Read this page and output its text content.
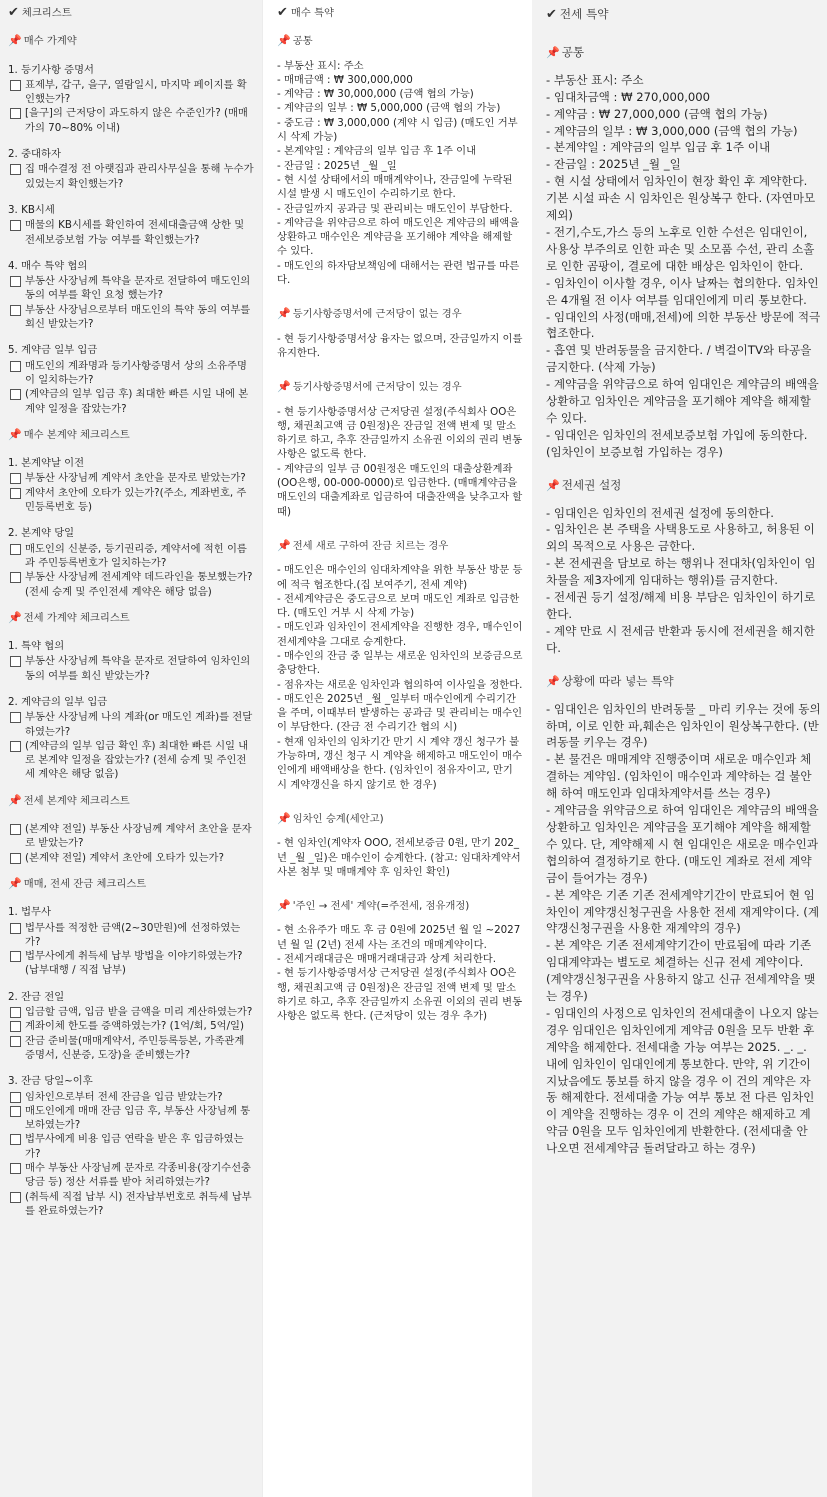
✔ 체크리스트
📌 매수 가계약
1. 등기사항 증명서
표제부, 갑구, 을구, 열람일시, 마지막 페이지를 확인했는가?
[을구]의 근저당이 과도하지 않은 수준인가? (매매가의 70~80% 이내)
2. 중대하자
집 매수결정 전 아랫집과 관리사무실을 통해 누수가 있었는지 확인했는가?
3. KB시세
매물의 KB시세를 확인하여 전세대출금액 상한 및 전세보증보험 가능 여부를 확인했는가?
4. 매수 특약 협의
부동산 사장님께 특약을 문자로 전달하여 매도인의 동의 여부를 확인 요청 했는가?
부동산 사장님으로부터 매도인의 특약 동의 여부를 회신 받았는가?
5. 계약금 일부 입금
매도인의 계좌명과 등기사항증명서 상의 소유주명이 일치하는가?
(계약금의 일부 입금 후) 최대한 빠른 시일 내에 본계약 일정을 잡았는가?
📌 매수 본계약 체크리스트
1. 본계약날 이전
부동산 사장님께 계약서 초안을 문자로 받았는가?
계약서 초안에 오타가 있는가?(주소, 계좌번호, 주민등록번호 등)
2. 본계약 당일
매도인의 신분증, 등기권리증, 계약서에 적힌 이름과 주민등록번호가 일치하는가?
부동산 사장님께 전세계약 데드라인을 통보했는가?(전세 승계 및 주인전세 계약은 해당 없음)
📌 전세 가계약 체크리스트
1. 특약 협의
부동산 사장님께 특약을 문자로 전달하여 임차인의 동의 여부를 회신 받았는가?
2. 계약금의 일부 입금
부동산 사장님께 나의 계좌(or 매도인 계좌)를 전달하였는가?
(계약금의 일부 입금 확인 후) 최대한 빠른 시일 내로 본계약 일정을 잡았는가? (전세 승계 및 주인전세 계약은 해당 없음)
📌 전세 본계약 체크리스트
(본계약 전일) 부동산 사장님께 계약서 초안을 문자로 받았는가?
(본계약 전일) 계약서 초안에 오타가 있는가?
📌 매매, 전세 잔금 체크리스트
1. 법무사
법무사를 적정한 금액(2~30만원)에 선정하였는가?
법무사에게 취득세 납부 방법을 이야기하였는가? (납부대행 / 직접 납부)
2. 잔금 전일
입금할 금액, 입금 받을 금액을 미리 계산하였는가?
계좌이체 한도를 증액하였는가? (1억/회, 5억/일)
잔금 준비물(매매계약서, 주민등록등본, 가족관계증명서, 신분증, 도장)을 준비했는가?
3. 잔금 당일~이후
임차인으로부터 전세 잔금을 입금 받았는가?
매도인에게 매매 잔금 입금 후, 부동산 사장님께 통보하였는가?
법무사에게 비용 입금 연락을 받은 후 입금하였는가?
매수 부동산 사장님께 문자로 각종비용(장기수선충당금 등) 정산 서류를 받아 처리하였는가?
(취득세 직접 납부 시) 전자납부번호로 취득세 납부를 완료하였는가?
✔ 매수 특약
📌 공통
- 부동산 표시: 주소
- 매매금액 : ₩ 300,000,000
- 계약금 : ₩ 30,000,000 (금액 협의 가능)
- 계약금의 일부 : ₩ 5,000,000 (금액 협의 가능)
- 중도금 : ₩ 3,000,000 (계약 시 입금) (매도인 거부 시 삭제 가능)
- 본계약일 : 계약금의 일부 입금 후 1주 이내
- 잔금일 : 2025년 _월 _일
- 현 시설 상태에서의 매매계약이나, 잔금일에 누락된 시설 발생 시 매도인이 수리하기로 한다.
- 잔금일까지 공과금 및 관리비는 매도인이 부담한다.
- 계약금을 위약금으로 하여 매도인은 계약금의 배액을 상환하고 매수인은 계약금을 포기해야 계약을 해제할 수 있다.
- 매도인의 하자담보책임에 대해서는 관련 법규를 따른다.
📌 등기사항증명서에 근저당이 없는 경우
- 현 등기사항증명서상 융자는 없으며, 잔금일까지 이를 유지한다.
📌 등기사항증명서에 근저당이 있는 경우
- 현 등기사항증명서상 근저당권 설정(주식회사 OO은행, 채권최고액 금 0원정)은 잔금일 전액 변제 및 말소하기로 하고, 추후 잔금일까지 소유권 이외의 권리 변동사항은 없도록 한다.
- 계약금의 일부 금 00원정은 매도인의 대출상환계좌(OO은행, 00-000-0000)로 입금한다. (매매계약금을 매도인의 대출계좌로 입금하여 대출잔액을 낮추고자 할 때)
📌 전세 새로 구하여 잔금 치르는 경우
- 매도인은 매수인의 임대차계약을 위한 부동산 방문 등에 적극 협조한다.(집 보여주기, 전세 계약)
- 전세계약금은 중도금으로 보며 매도인 계좌로 입금한다. (매도인 거부 시 삭제 가능)
- 매도인과 임차인이 전세계약을 진행한 경우, 매수인이 전세계약을 그대로 승계한다.
- 매수인의 잔금 중 일부는 새로운 임차인의 보증금으로 충당한다.
- 점유자는 새로운 임차인과 협의하여 이사일을 정한다.
- 매도인은 2025년 _월 _일부터 매수인에게 수리기간을 주며, 이때부터 발생하는 공과금 및 관리비는 매수인이 부담한다. (잔금 전 수리기간 협의 시)
- 현재 임차인의 임차기간 만기 시 계약 갱신 청구가 불가능하며, 갱신 청구 시 계약을 해제하고 매도인이 매수인에게 배액배상을 한다. (임차인이 점유자이고, 만기 시 계약갱신을 하지 않기로 한 경우)
📌 임차인 승계(세안고)
- 현 임차인(계약자 OOO, 전세보증금 0원, 만기 202_년 _월 _일)은 매수인이 승계한다. (참고: 임대차계약서 사본 첨부 및 매매계약 후 임차인 확인)
📌 '주인 → 전세' 계약(=주전세, 점유개정)
- 현 소유주가 매도 후 금 0원에 2025년 월 일 ~2027년 월 일 (2년) 전세 사는 조건의 매매계약이다.
- 전세거래대금은 매매거래대금과 상계 처리한다.
- 현 등기사항증명서상 근저당권 설정(주식회사 OO은행, 채권최고액 금 0원정)은 잔금일 전액 변제 및 말소하기로 하고, 추후 잔금일까지 소유권 이외의 권리 변동사항은 없도록 한다. (근저당이 있는 경우 추가)
✔ 전세 특약
📌 공통
- 부동산 표시: 주소
- 임대차금액 : ₩ 270,000,000
- 계약금 : ₩ 27,000,000 (금액 협의 가능)
- 계약금의 일부 : ₩ 3,000,000 (금액 협의 가능)
- 본계약일 : 계약금의 일부 입금 후 1주 이내
- 잔금일 : 2025년 _월 _일
- 현 시설 상태에서 임차인이 현장 확인 후 계약한다. 기본 시설 파손 시 임차인은 원상복구 한다. (자연마모 제외)
- 전기,수도,가스 등의 노후로 인한 수선은 임대인이, 사용상 부주의로 인한 파손 및 소모품 수선, 관리 소홀로 인한 곰팡이, 결로에 대한 배상은 임차인이 한다.
- 임차인이 이사할 경우, 이사 날짜는 협의한다. 임차인은 4개월 전 이사 여부를 임대인에게 미리 통보한다.
- 임대인의 사정(매매,전세)에 의한 부동산 방문에 적극 협조한다.
- 흡연 및 반려동물을 금지한다. / 벽걸이TV와 타공을 금지한다. (삭제 가능)
- 계약금을 위약금으로 하여 임대인은 계약금의 배액을 상환하고 임차인은 계약금을 포기해야 계약을 해제할 수 있다.
- 임대인은 임차인의 전세보증보험 가입에 동의한다. (임차인이 보증보험 가입하는 경우)
📌 전세권 설정
- 임대인은 임차인의 전세권 설정에 동의한다.
- 임차인은 본 주택을 사택용도로 사용하고, 허용된 이외의 목적으로 사용은 금한다.
- 본 전세권을 담보로 하는 행위나 전대차(임차인이 임차물을 제3자에게 임대하는 행위)를 금지한다.
- 전세권 등기 설정/해제 비용 부담은 임차인이 하기로 한다.
- 계약 만료 시 전세금 반환과 동시에 전세권을 해지한다.
📌 상황에 따라 넣는 특약
- 임대인은 임차인의 반려동물 _ 마리 키우는 것에 동의하며, 이로 인한 파,훼손은 임차인이 원상복구한다. (반려동물 키우는 경우)
- 본 물건은 매매계약 진행중이며 새로운 매수인과 체결하는 계약임. (임차인이 매수인과 계약하는 걸 불안해 하여 매도인과 임대차계약서를 쓰는 경우)
- 계약금을 위약금으로 하여 임대인은 계약금의 배액을 상환하고 임차인은 계약금을 포기해야 계약을 해제할 수 있다. 단, 계약해제 시 현 임대인은 새로운 매수인과 협의하여 결정하기로 한다. (매도인 계좌로 전세 계약금이 들어가는 경우)
- 본 계약은 기존 기존 전세계약기간이 만료되어 현 임차인이 계약갱신청구권을 사용한 전세 재계약이다. (계약갱신청구권을 사용한 재계약의 경우)
- 본 계약은 기존 전세계약기간이 만료됨에 따라 기존 임대계약과는 별도로 체결하는 신규 전세 계약이다. (계약갱신청구권을 사용하지 않고 신규 전세계약을 맺는 경우)
- 임대인의 사정으로 임차인의 전세대출이 나오지 않는 경우 임대인은 임차인에게 계약금 0원을 모두 반환 후 계약을 해제한다. 전세대출 가능 여부는 2025. _. _. 내에 임차인이 임대인에게 통보한다. 만약, 위 기간이 지났음에도 통보를 하지 않을 경우 이 건의 계약은 자동 해제한다. 전세대출 가능 여부 통보 전 다른 임차인이 계약을 진행하는 경우 이 건의 계약은 해제하고 계약금 0원을 모두 임차인에게 반환한다. (전세대출 안 나오면 전세계약금 돌려달라고 하는 경우)
